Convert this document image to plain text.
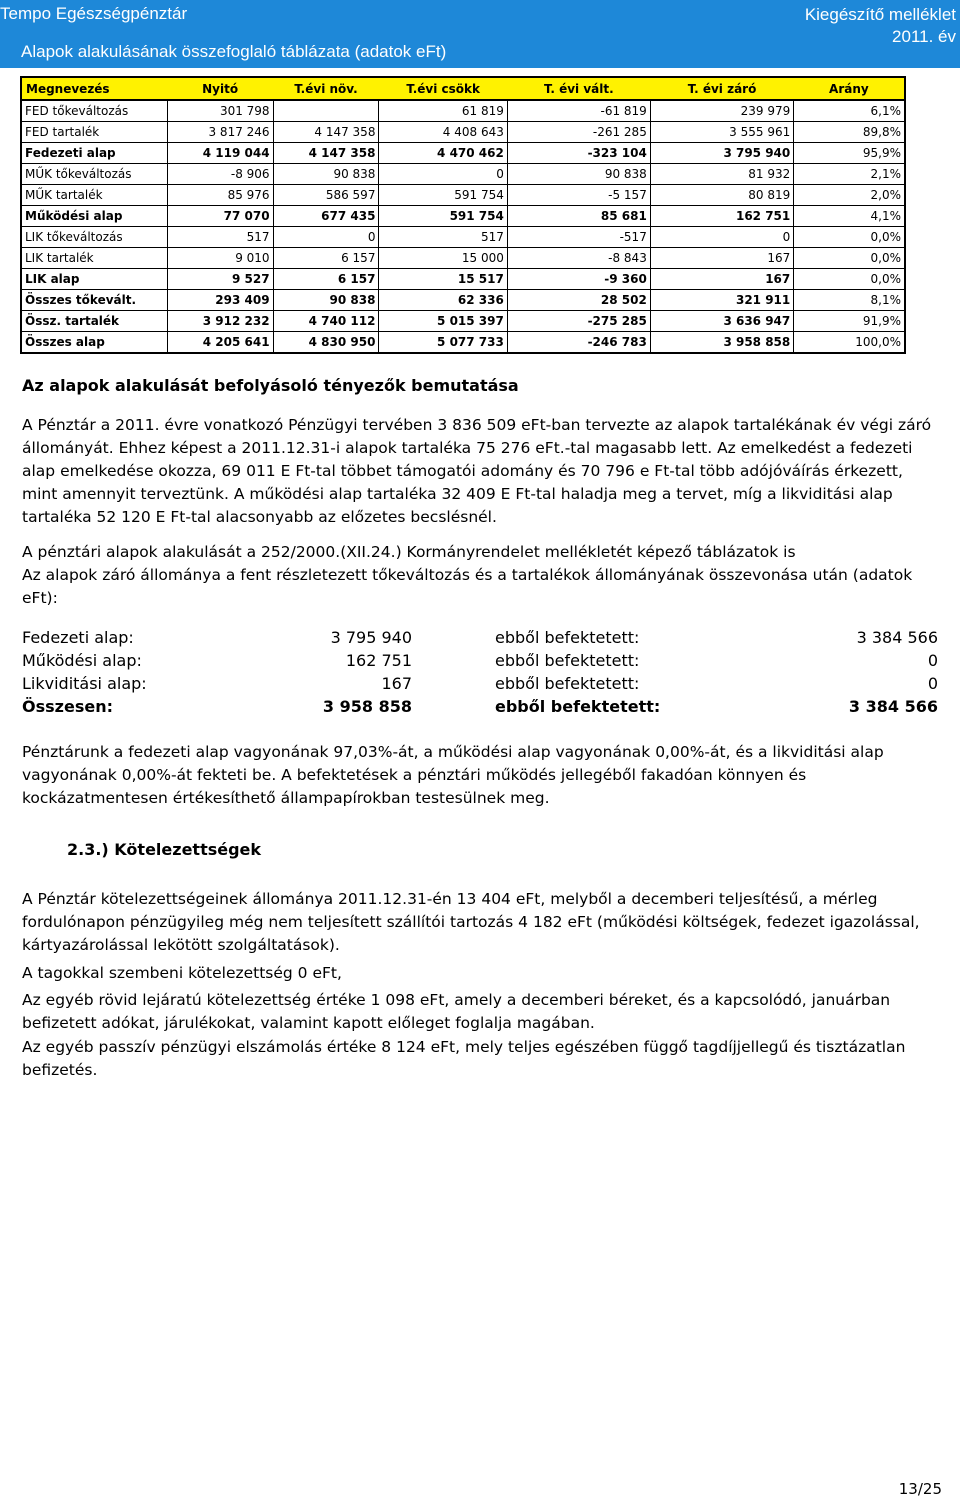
Tempo Egészségpénztár	Kiegészítő melléklet
2011. év
Alapok alakulásának összefoglaló táblázata (adatok eFt)
Megnevezés	Nyitó	T.évi növ.	T.évi csökk	T. évi vált.	T. évi záró	Arány
FED tőkeváltozás	301 798		61 819	-61 819	239 979	6,1%
FED tartalék	3 817 246	4 147 358	4 408 643	-261 285	3 555 961	89,8%
Fedezeti alap	4 119 044	4 147 358	4 470 462	-323 104	3 795 940	95,9%
MŰK tőkeváltozás	-8 906	90 838	0	90 838	81 932	2,1%
MŰK tartalék	85 976	586 597	591 754	-5 157	80 819	2,0%
Működési alap	77 070	677 435	591 754	85 681	162 751	4,1%
LIK tőkeváltozás	517	0	517	-517	0	0,0%
LIK tartalék	9 010	6 157	15 000	-8 843	167	0,0%
LIK alap	9 527	6 157	15 517	-9 360	167	0,0%
Összes tőkevált.	293 409	90 838	62 336	28 502	321 911	8,1%
Össz. tartalék	3 912 232	4 740 112	5 015 397	-275 285	3 636 947	91,9%
Összes alap	4 205 641	4 830 950	5 077 733	-246 783	3 958 858	100,0%
Az alapok alakulását befolyásoló tényezők bemutatása
A Pénztár a 2011. évre vonatkozó Pénzügyi tervében 3 836 509 eFt-ban tervezte az alapok tartalékának év végi záró állományát. Ehhez képest a 2011.12.31-i alapok tartaléka 75 276 eFt.-tal magasabb lett. Az emelkedést a fedezeti alap emelkedése okozza, 69 011 E Ft-tal többet támogatói adomány és 70 796 e Ft-tal több adójóváírás érkezett, mint amennyit terveztünk. A működési alap tartaléka 32 409 E Ft-tal haladja meg a tervet, míg a likviditási alap tartaléka 52 120 E Ft-tal alacsonyabb az előzetes becslésnél.
A pénztári alapok alakulását a 252/2000.(XII.24.) Kormányrendelet mellékletét képező táblázatok is
Az alapok záró állománya a fent részletezett tőkeváltozás és a tartalékok állományának összevonása után (adatok eFt):
Fedezeti alap:	3 795 940	ebből befektetett:	3 384 566
Működési alap:	162 751	ebből befektetett:	0
Likviditási alap:	167	ebből befektetett:	0
Összesen:	3 958 858	ebből befektetett:	3 384 566
Pénztárunk a fedezeti alap vagyonának 97,03%-át, a működési alap vagyonának 0,00%-át, és a likviditási alap vagyonának 0,00%-át fekteti be. A befektetések a pénztári működés jellegéből fakadóan könnyen és kockázatmentesen értékesíthető állampapírokban testesülnek meg.
2.3.) Kötelezettségek
A Pénztár kötelezettségeinek állománya 2011.12.31-én 13 404 eFt, melyből a decemberi teljesítésű, a mérleg fordulónapon pénzügyileg még nem teljesített szállítói tartozás 4 182 eFt (működési költségek, fedezet igazolással, kártyazárolással lekötött szolgáltatások).
A tagokkal szembeni kötelezettség 0 eFt,
Az egyéb rövid lejáratú kötelezettség értéke 1 098 eFt, amely a decemberi béreket, és a kapcsolódó, januárban befizetett adókat, járulékokat, valamint kapott előleget foglalja magában.
Az egyéb passzív pénzügyi elszámolás értéke 8 124 eFt, mely teljes egészében függő tagdíjjellegű és tisztázatlan befizetés.
13/25
